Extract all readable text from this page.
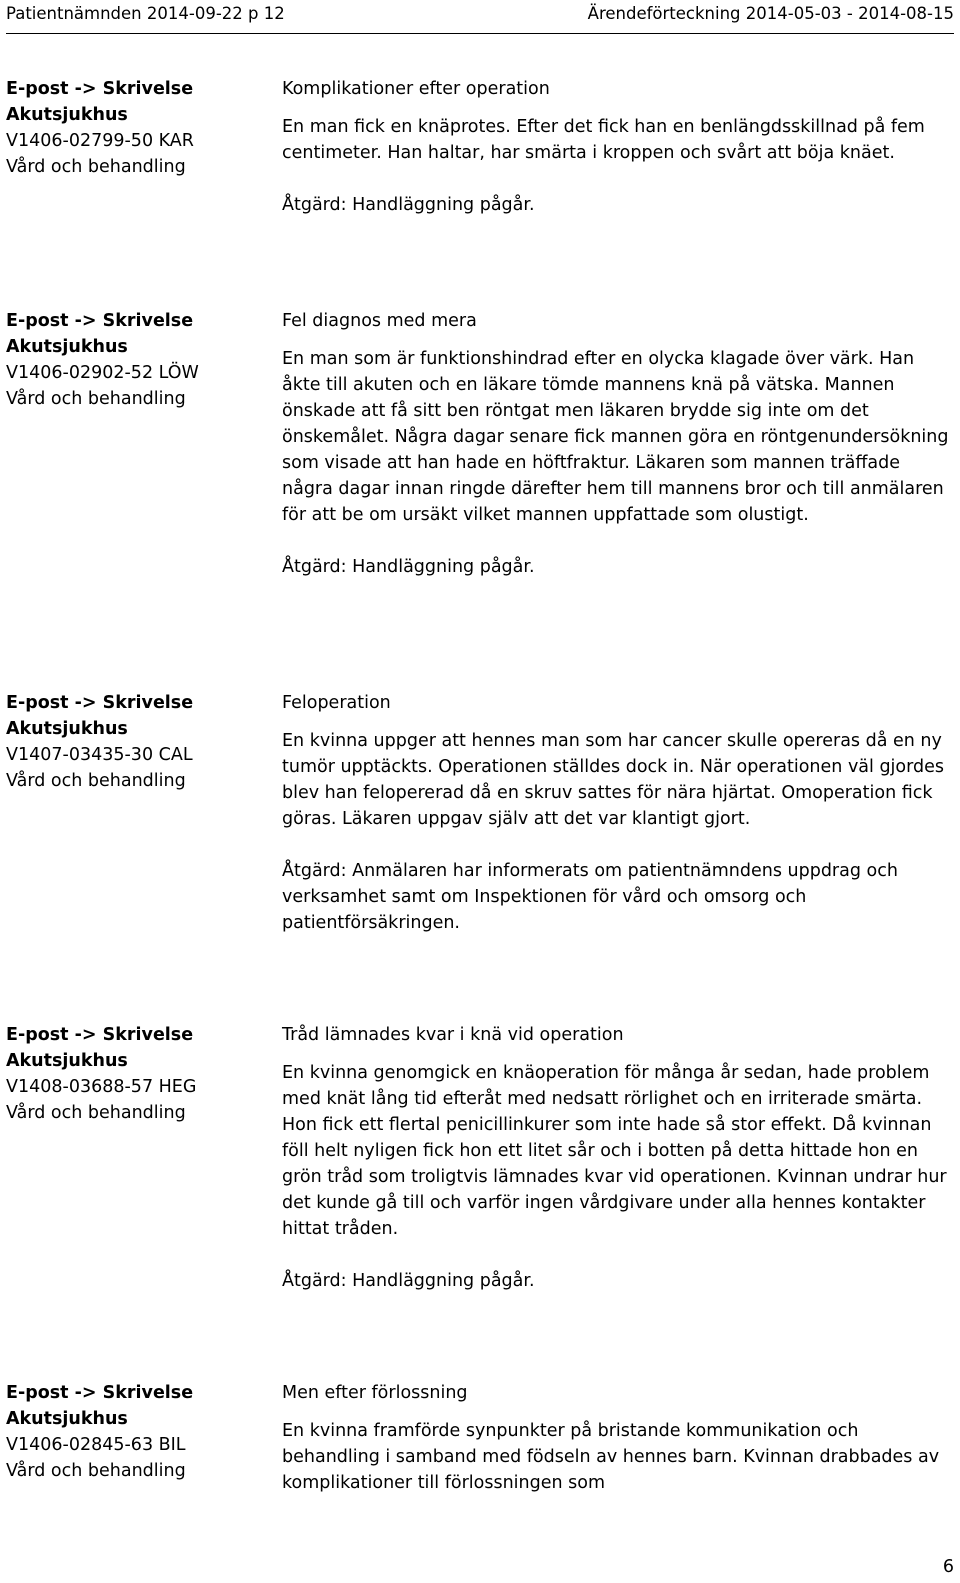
Patientnämnden 2014-09-22 p 12	Ärendeförteckning 2014-05-03 - 2014-08-15
E-post -> Skrivelse
Akutsjukhus
V1406-02799-50 KAR
Vård och behandling

Komplikationer efter operation

En man fick en knäprotes. Efter det fick han en benlängdsskillnad på fem centimeter. Han haltar, har smärta i kroppen och svårt att böja knäet.

Åtgärd: Handläggning pågår.

E-post -> Skrivelse
Akutsjukhus
V1406-02902-52 LÖW
Vård och behandling

Fel diagnos med mera

En man som är funktionshindrad efter en olycka klagade över värk. Han åkte till akuten och en läkare tömde mannens knä på vätska. Mannen önskade att få sitt ben röntgat men läkaren brydde sig inte om det önskemålet. Några dagar senare fick mannen göra en röntgenundersökning som visade att han hade en höftfraktur. Läkaren som mannen träffade några dagar innan ringde därefter hem till mannens bror och till anmälaren för att be om ursäkt vilket mannen uppfattade som olustigt.

Åtgärd: Handläggning pågår.

E-post -> Skrivelse
Akutsjukhus
V1407-03435-30 CAL
Vård och behandling

Feloperation

En kvinna uppger att hennes man som har cancer skulle opereras då en ny tumör upptäckts. Operationen ställdes dock in. När operationen väl gjordes blev han felopererad då en skruv sattes för nära hjärtat. Omoperation fick göras. Läkaren uppgav själv att det var klantigt gjort.

Åtgärd: Anmälaren har informerats om patientnämndens uppdrag och verksamhet samt om Inspektionen för vård och omsorg och patientförsäkringen.

E-post -> Skrivelse
Akutsjukhus
V1408-03688-57 HEG
Vård och behandling

Tråd lämnades kvar i knä vid operation

En kvinna genomgick en knäoperation för många år sedan, hade problem med knät lång tid efteråt med nedsatt rörlighet och en irriterade smärta. Hon fick ett flertal penicillinkurer som inte hade så stor effekt. Då kvinnan föll helt nyligen fick hon ett litet sår och i botten på detta hittade hon en grön tråd som troligtvis lämnades kvar vid operationen. Kvinnan undrar hur det kunde gå till och varför ingen vårdgivare under alla hennes kontakter hittat tråden.

Åtgärd: Handläggning pågår.

E-post -> Skrivelse
Akutsjukhus
V1406-02845-63 BIL
Vård och behandling

Men efter förlossning

En kvinna framförde synpunkter på bristande kommunikation och behandling i samband med födseln av hennes barn. Kvinnan drabbades av komplikationer till förlossningen som

6
